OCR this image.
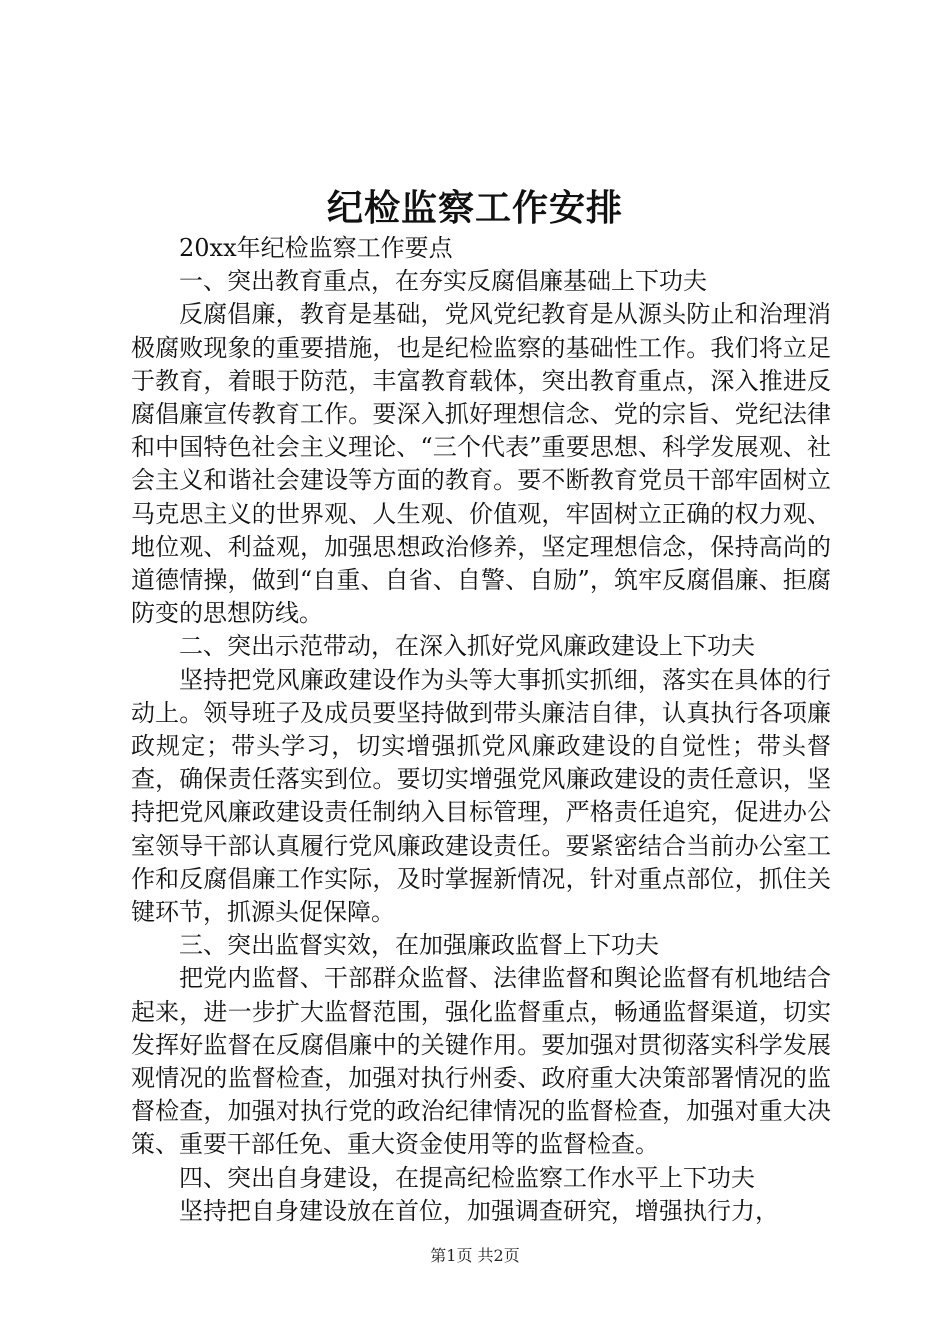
纪检监察工作安排

20xx年纪检监察工作要点

一、突出教育重点，在夯实反腐倡廉基础上下功夫

反腐倡廉，教育是基础，党风党纪教育是从源头防止和治理消极腐败现象的重要措施，也是纪检监察的基础性工作。我们将立足于教育，着眼于防范，丰富教育载体，突出教育重点，深入推进反腐倡廉宣传教育工作。要深入抓好理想信念、党的宗旨、党纪法律和中国特色社会主义理论、“三个代表”重要思想、科学发展观、社会主义和谐社会建设等方面的教育。要不断教育党员干部牢固树立马克思主义的世界观、人生观、价值观，牢固树立正确的权力观、地位观、利益观，加强思想政治修养，坚定理想信念，保持高尚的道德情操，做到“自重、自省、自警、自励”，筑牢反腐倡廉、拒腐防变的思想防线。

二、突出示范带动，在深入抓好党风廉政建设上下功夫

坚持把党风廉政建设作为头等大事抓实抓细，落实在具体的行动上。领导班子及成员要坚持做到带头廉洁自律，认真执行各项廉政规定；带头学习，切实增强抓党风廉政建设的自觉性；带头督查，确保责任落实到位。要切实增强党风廉政建设的责任意识，坚持把党风廉政建设责任制纳入目标管理，严格责任追究，促进办公室领导干部认真履行党风廉政建设责任。要紧密结合当前办公室工作和反腐倡廉工作实际，及时掌握新情况，针对重点部位，抓住关键环节，抓源头促保障。

三、突出监督实效，在加强廉政监督上下功夫

把党内监督、干部群众监督、法律监督和舆论监督有机地结合起来，进一步扩大监督范围，强化监督重点，畅通监督渠道，切实发挥好监督在反腐倡廉中的关键作用。要加强对贯彻落实科学发展观情况的监督检查，加强对执行州委、政府重大决策部署情况的监督检查，加强对执行党的政治纪律情况的监督检查，加强对重大决策、重要干部任免、重大资金使用等的监督检查。

四、突出自身建设，在提高纪检监察工作水平上下功夫

坚持把自身建设放在首位，加强调查研究，增强执行力，

第1页 共2页
